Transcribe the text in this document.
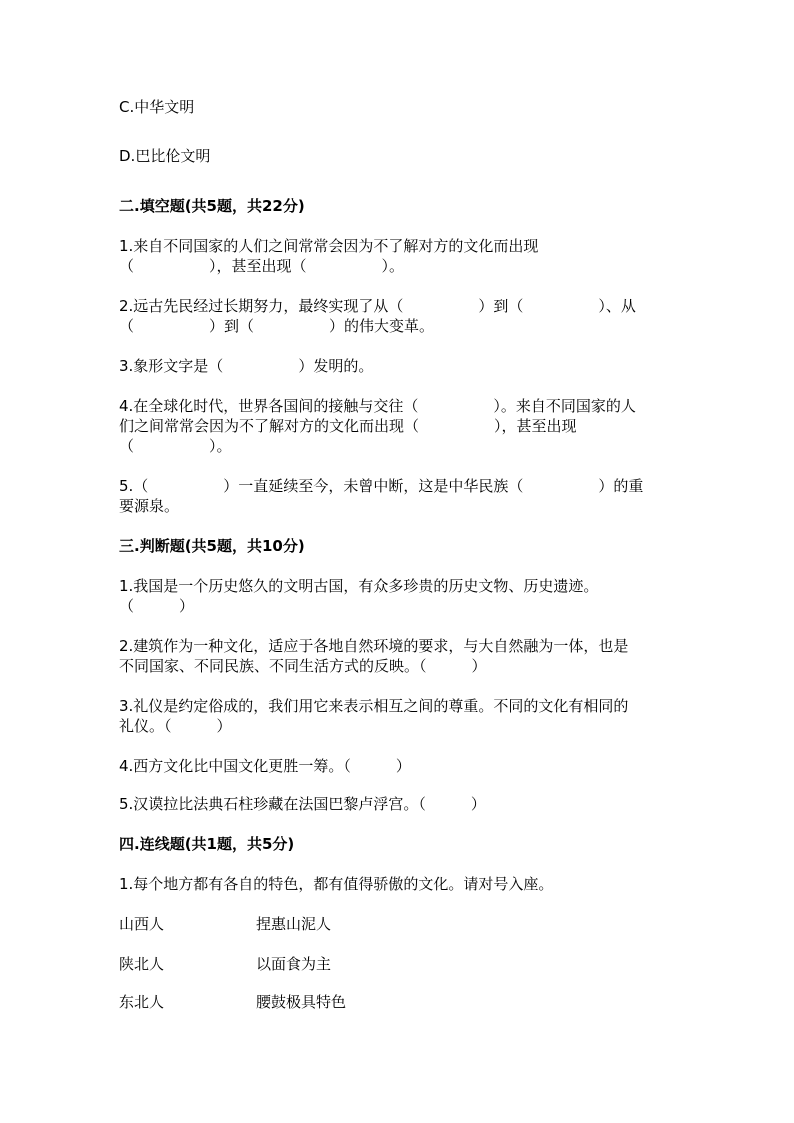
C.中华文明
D.巴比伦文明
二.填空题(共5题，共22分)
1.来自不同国家的人们之间常常会因为不了解对方的文化而出现
（　　　　　），甚至出现（　　　　　）。
2.远古先民经过长期努力，最终实现了从（　　　　　）到（　　　　　）、从
（　　　　　）到（　　　　　）的伟大变革。
3.象形文字是（　　　　　）发明的。
4.在全球化时代，世界各国间的接触与交往（　　　　　）。来自不同国家的人
们之间常常会因为不了解对方的文化而出现（　　　　　），甚至出现
（　　　　　）。
5.（　　　　　）一直延续至今，未曾中断，这是中华民族（　　　　　）的重
要源泉。
三.判断题(共5题，共10分)
1.我国是一个历史悠久的文明古国，有众多珍贵的历史文物、历史遗迹。
（　　　）
2.建筑作为一种文化，适应于各地自然环境的要求，与大自然融为一体，也是
不同国家、不同民族、不同生活方式的反映。（　　　）
3.礼仪是约定俗成的，我们用它来表示相互之间的尊重。不同的文化有相同的
礼仪。（　　　）
4.西方文化比中国文化更胜一筹。（　　　）
5.汉谟拉比法典石柱珍藏在法国巴黎卢浮宫。（　　　）
四.连线题(共1题，共5分)
1.每个地方都有各自的特色，都有值得骄傲的文化。请对号入座。
山西人	捏惠山泥人
陕北人	以面食为主
东北人	腰鼓极具特色
